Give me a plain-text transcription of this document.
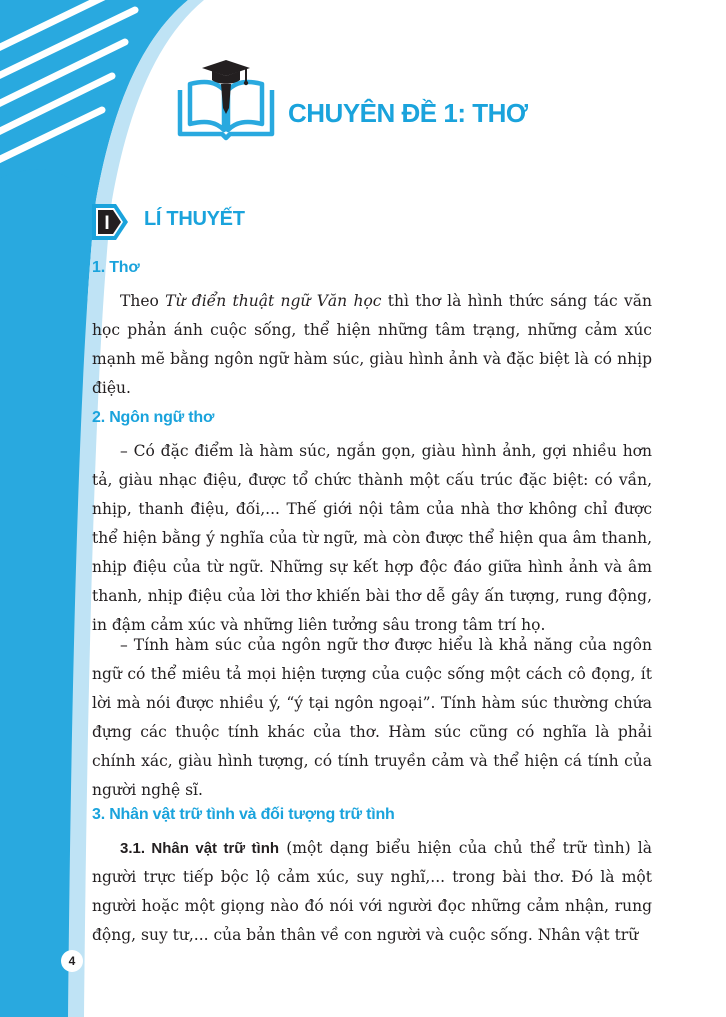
CHUYÊN ĐỀ 1: THƠ
I LÍ THUYẾT
1. Thơ

Theo Từ điển thuật ngữ Văn học thì thơ là hình thức sáng tác văn học phản ánh cuộc sống, thể hiện những tâm trạng, những cảm xúc mạnh mẽ bằng ngôn ngữ hàm súc, giàu hình ảnh và đặc biệt là có nhịp điệu.

2. Ngôn ngữ thơ

– Có đặc điểm là hàm súc, ngắn gọn, giàu hình ảnh, gợi nhiều hơn tả, giàu nhạc điệu, được tổ chức thành một cấu trúc đặc biệt: có vần, nhịp, thanh điệu, đối,... Thế giới nội tâm của nhà thơ không chỉ được thể hiện bằng ý nghĩa của từ ngữ, mà còn được thể hiện qua âm thanh, nhịp điệu của từ ngữ. Những sự kết hợp độc đáo giữa hình ảnh và âm thanh, nhịp điệu của lời thơ khiến bài thơ dễ gây ấn tượng, rung động, in đậm cảm xúc và những liên tưởng sâu trong tâm trí họ.

– Tính hàm súc của ngôn ngữ thơ được hiểu là khả năng của ngôn ngữ có thể miêu tả mọi hiện tượng của cuộc sống một cách cô đọng, ít lời mà nói được nhiều ý, “ý tại ngôn ngoại”. Tính hàm súc thường chứa đựng các thuộc tính khác của thơ. Hàm súc cũng có nghĩa là phải chính xác, giàu hình tượng, có tính truyền cảm và thể hiện cá tính của người nghệ sĩ.

3. Nhân vật trữ tình và đối tượng trữ tình

3.1. Nhân vật trữ tình (một dạng biểu hiện của chủ thể trữ tình) là người trực tiếp bộc lộ cảm xúc, suy nghĩ,... trong bài thơ. Đó là một người hoặc một giọng nào đó nói với người đọc những cảm nhận, rung động, suy tư,... của bản thân về con người và cuộc sống. Nhân vật trữ

4
